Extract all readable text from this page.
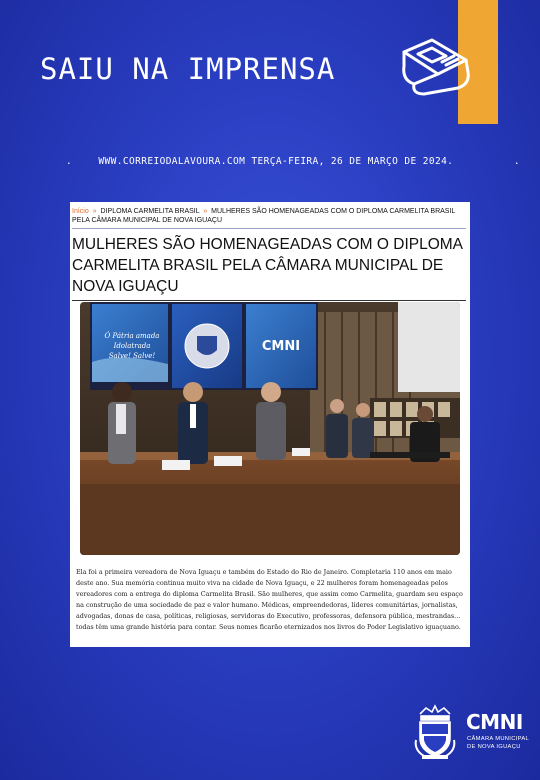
SAIU NA IMPRENSA
.	WWW.CORREIODALAVOURA.COM TERÇA-FEIRA, 26 DE MARÇO DE 2024.	.
Início » DIPLOMA CARMELITA BRASIL » MULHERES SÃO HOMENAGEADAS COM O DIPLOMA CARMELITA BRASIL PELA CÂMARA MUNICIPAL DE NOVA IGUAÇU
MULHERES SÃO HOMENAGEADAS COM O DIPLOMA CARMELITA BRASIL PELA CÂMARA MUNICIPAL DE NOVA IGUAÇU
Ó Pátria amada
Idolatrada
Salve! Salve!
CMNI
Ela foi a primeira vereadora de Nova Iguaçu e também do Estado do Rio de Janeiro. Completaria 110 anos em maio deste ano. Sua memória continua muito viva na cidade de Nova Iguaçu, e 22 mulheres foram homenageadas pelos vereadores com a entrega do diploma Carmelita Brasil. São mulheres, que assim como Carmelita, guardam seu espaço na construção de uma sociedade de paz e valor humano. Médicas, empreendedoras, líderes comunitárias, jornalistas, advogadas, donas de casa, políticas, religiosas, servidoras do Executivo, professoras, defensora pública, mestrandas... todas têm uma grande história para contar. Seus nomes ficarão eternizados nos livros do Poder Legislativo iguaçuano.
CMNI
CÂMARA MUNICIPAL
DE NOVA IGUAÇU
